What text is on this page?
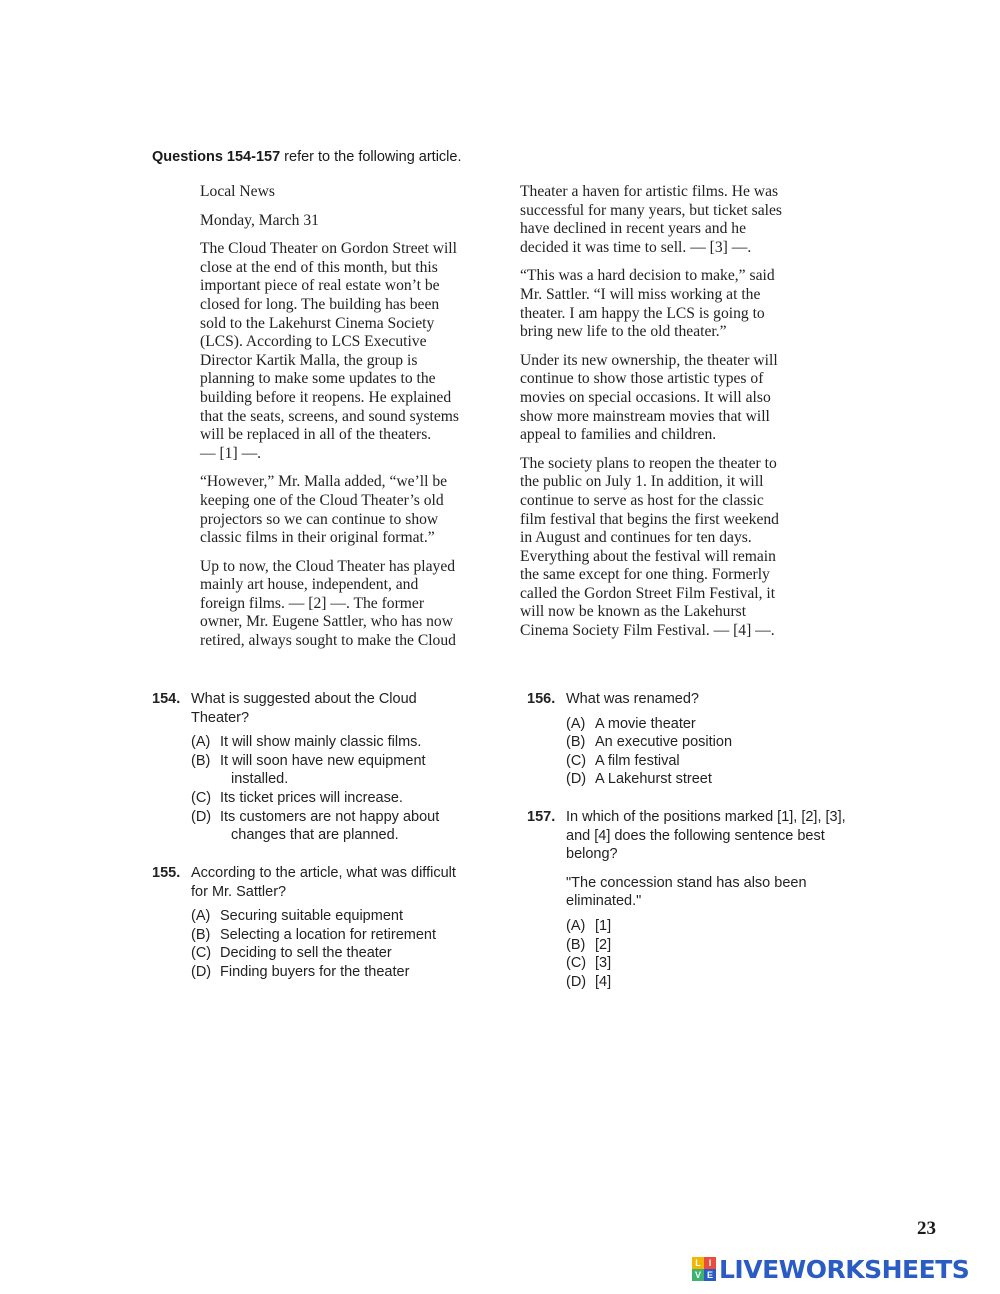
Questions 154-157 refer to the following article.

Local News

Monday, March 31

The Cloud Theater on Gordon Street will
close at the end of this month, but this
important piece of real estate won’t be
closed for long. The building has been
sold to the Lakehurst Cinema Society
(LCS). According to LCS Executive
Director Kartik Malla, the group is
planning to make some updates to the
building before it reopens. He explained
that the seats, screens, and sound systems
will be replaced in all of the theaters.
— [1] —.

“However,” Mr. Malla added, “we’ll be
keeping one of the Cloud Theater’s old
projectors so we can continue to show
classic films in their original format.”

Up to now, the Cloud Theater has played
mainly art house, independent, and
foreign films. — [2] —. The former
owner, Mr. Eugene Sattler, who has now
retired, always sought to make the Cloud

Theater a haven for artistic films. He was
successful for many years, but ticket sales
have declined in recent years and he
decided it was time to sell. — [3] —.

“This was a hard decision to make,” said
Mr. Sattler. “I will miss working at the
theater. I am happy the LCS is going to
bring new life to the old theater.”

Under its new ownership, the theater will
continue to show those artistic types of
movies on special occasions. It will also
show more mainstream movies that will
appeal to families and children.

The society plans to reopen the theater to
the public on July 1. In addition, it will
continue to serve as host for the classic
film festival that begins the first weekend
in August and continues for ten days.
Everything about the festival will remain
the same except for one thing. Formerly
called the Gordon Street Film Festival, it
will now be known as the Lakehurst
Cinema Society Film Festival. — [4] —.

154. What is suggested about the Cloud
Theater?
(A) It will show mainly classic films.
(B) It will soon have new equipment
installed.
(C) Its ticket prices will increase.
(D) Its customers are not happy about
changes that are planned.
155. According to the article, what was difficult
for Mr. Sattler?
(A) Securing suitable equipment
(B) Selecting a location for retirement
(C) Deciding to sell the theater
(D) Finding buyers for the theater
156. What was renamed?
(A) A movie theater
(B) An executive position
(C) A film festival
(D) A Lakehurst street
157. In which of the positions marked [1], [2], [3],
and [4] does the following sentence best
belong?
"The concession stand has also been
eliminated."
(A) [1]
(B) [2]
(C) [3]
(D) [4]
23
L I
V E LIVEWORKSHEETS
